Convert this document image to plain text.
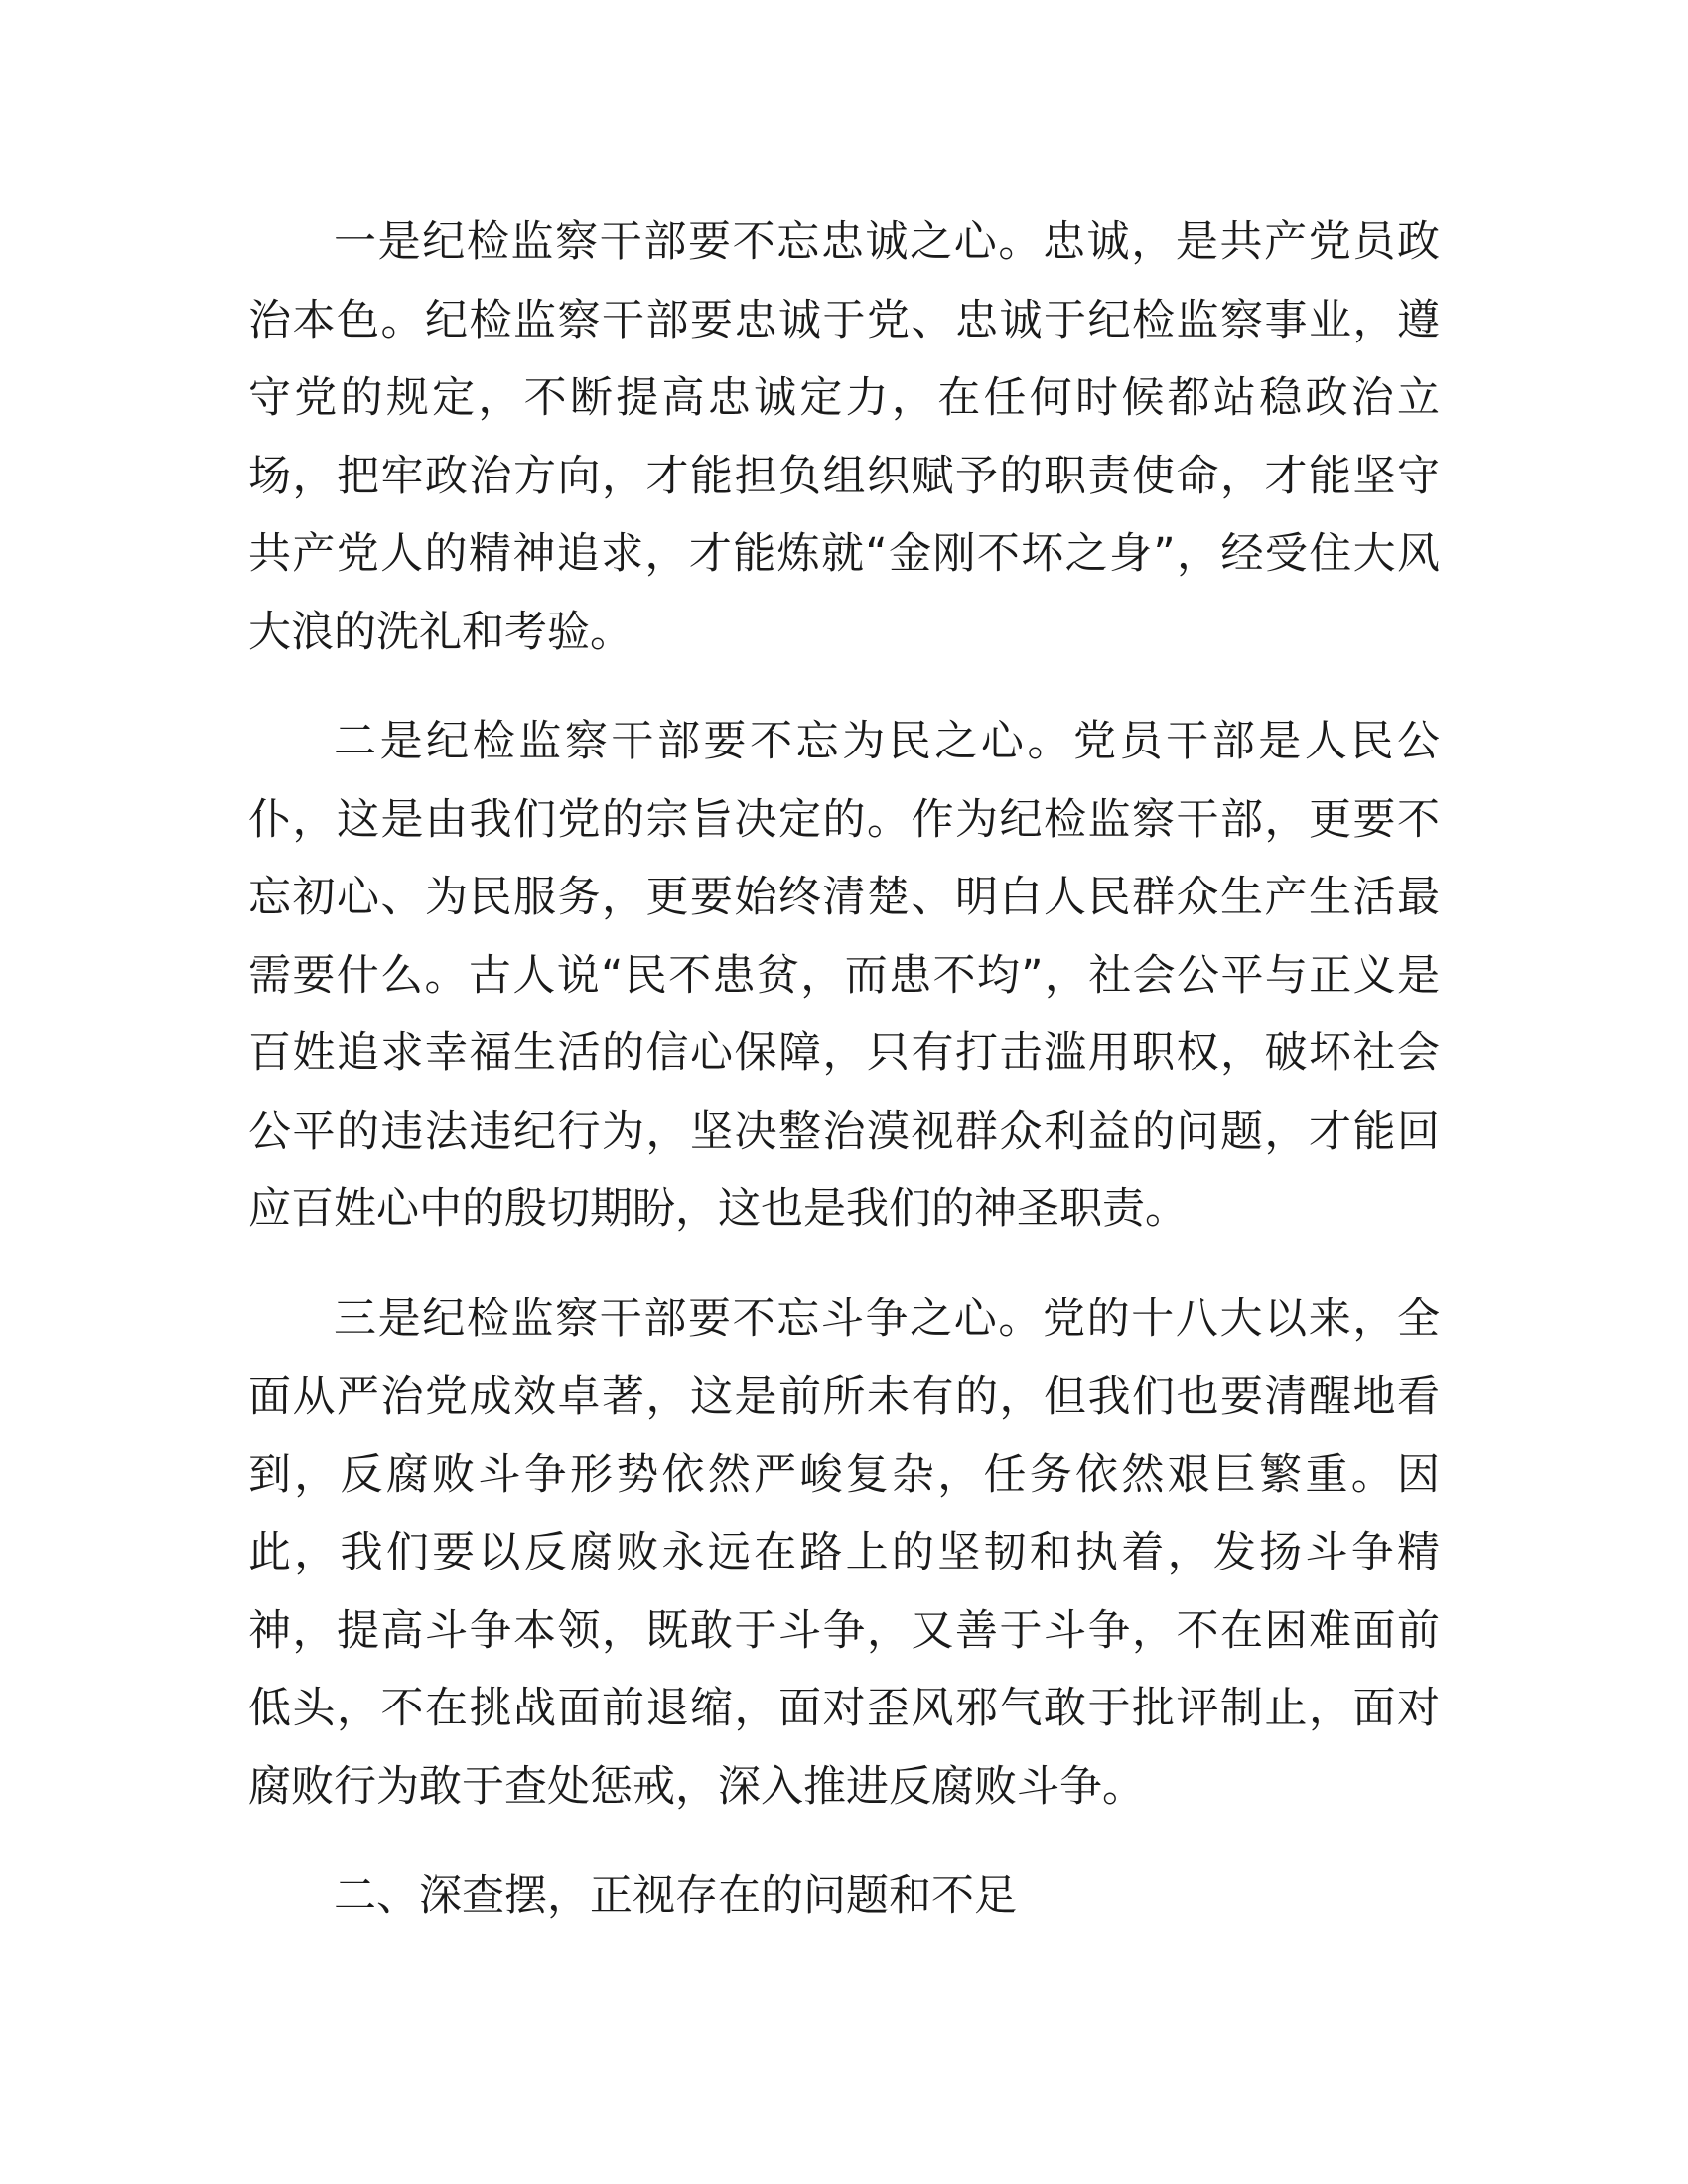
一是纪检监察干部要不忘忠诚之心。忠诚，是共产党员政治本色。纪检监察干部要忠诚于党、忠诚于纪检监察事业，遵守党的规定，不断提高忠诚定力，在任何时候都站稳政治立场，把牢政治方向，才能担负组织赋予的职责使命，才能坚守共产党人的精神追求，才能炼就“金刚不坏之身”，经受住大风大浪的洗礼和考验。

二是纪检监察干部要不忘为民之心。党员干部是人民公仆，这是由我们党的宗旨决定的。作为纪检监察干部，更要不忘初心、为民服务，更要始终清楚、明白人民群众生产生活最需要什么。古人说“民不患贫，而患不均”，社会公平与正义是百姓追求幸福生活的信心保障，只有打击滥用职权，破坏社会公平的违法违纪行为，坚决整治漠视群众利益的问题，才能回应百姓心中的殷切期盼，这也是我们的神圣职责。

三是纪检监察干部要不忘斗争之心。党的十八大以来，全面从严治党成效卓著，这是前所未有的，但我们也要清醒地看到，反腐败斗争形势依然严峻复杂，任务依然艰巨繁重。因此，我们要以反腐败永远在路上的坚韧和执着，发扬斗争精神，提高斗争本领，既敢于斗争，又善于斗争，不在困难面前低头，不在挑战面前退缩，面对歪风邪气敢于批评制止，面对腐败行为敢于查处惩戒，深入推进反腐败斗争。

二、深查摆，正视存在的问题和不足
